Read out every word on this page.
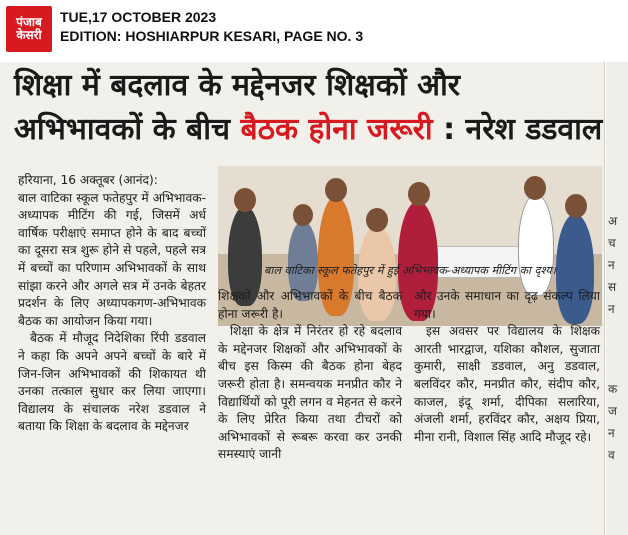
पंजाब
केसरी
TUE,17 OCTOBER 2023
EDITION: HOSHIARPUR KESARI, PAGE NO. 3
शिक्षा में बदलाव के मद्देनजर शिक्षकों और
अभिभावकों के बीच बैठक होना जरूरी : नरेश डडवाल

हरियाना, 16 अक्तूबर (आनंद):

बाल वाटिका स्कूल फतेहपुर में अभिभावक-अध्यापक मीटिंग की गई, जिसमें अर्ध वार्षिक परीक्षाएं समाप्त होने के बाद बच्चों का दूसरा सत्र शुरू होने से पहले, पहले सत्र में बच्चों का परिणाम अभिभावकों के साथ सांझा करने और अगले सत्र में उनके बेहतर प्रदर्शन के लिए अध्यापकगण-अभिभावक बैठक का आयोजन किया गया।

बैठक में मौजूद निदेशिका रिंपी डडवाल ने कहा कि अपने अपने बच्चों के बारे में जिन-जिन अभिभावकों की शिकायत थी उनका तत्काल सुधार कर लिया जाएगा। विद्यालय के संचालक नरेश डडवाल ने बताया कि शिक्षा के बदलाव के मद्देनजर

बाल वाटिका स्कूल फतेहपुर में हुई अभिभावक-अध्यापक मीटिंग का दृश्य।

शिक्षकों और अभिभावकों के बीच बैठक होना जरूरी है।

शिक्षा के क्षेत्र में निरंतर हो रहे बदलाव के मद्देनजर शिक्षकों और अभिभावकों के बीच इस किस्म की बैठक होना बेहद जरूरी होता है। समन्वयक मनप्रीत कौर ने विद्यार्थियों को पूरी लगन व मेहनत से करने के लिए प्रेरित किया तथा टीचरों को अभिभावकों से रूबरू करवा कर उनकी समस्याएं जानी

और उनके समाधान का दृढ़ संकल्प लिया गया।

इस अवसर पर विद्यालय के शिक्षक आरती भारद्वाज, यशिका कौशल, सुजाता कुमारी, साक्षी डडवाल, अनु डडवाल, बलविंदर कौर, मनप्रीत कौर, संदीप कौर, काजल, इंदू शर्मा, दीपिका सलारिया, अंजली शर्मा, हरविंदर कौर, अक्षय प्रिया, मीना रानी, विशाल सिंह आदि मौजूद रहे।

अ
च
न
स
न
क
ज
न
व
